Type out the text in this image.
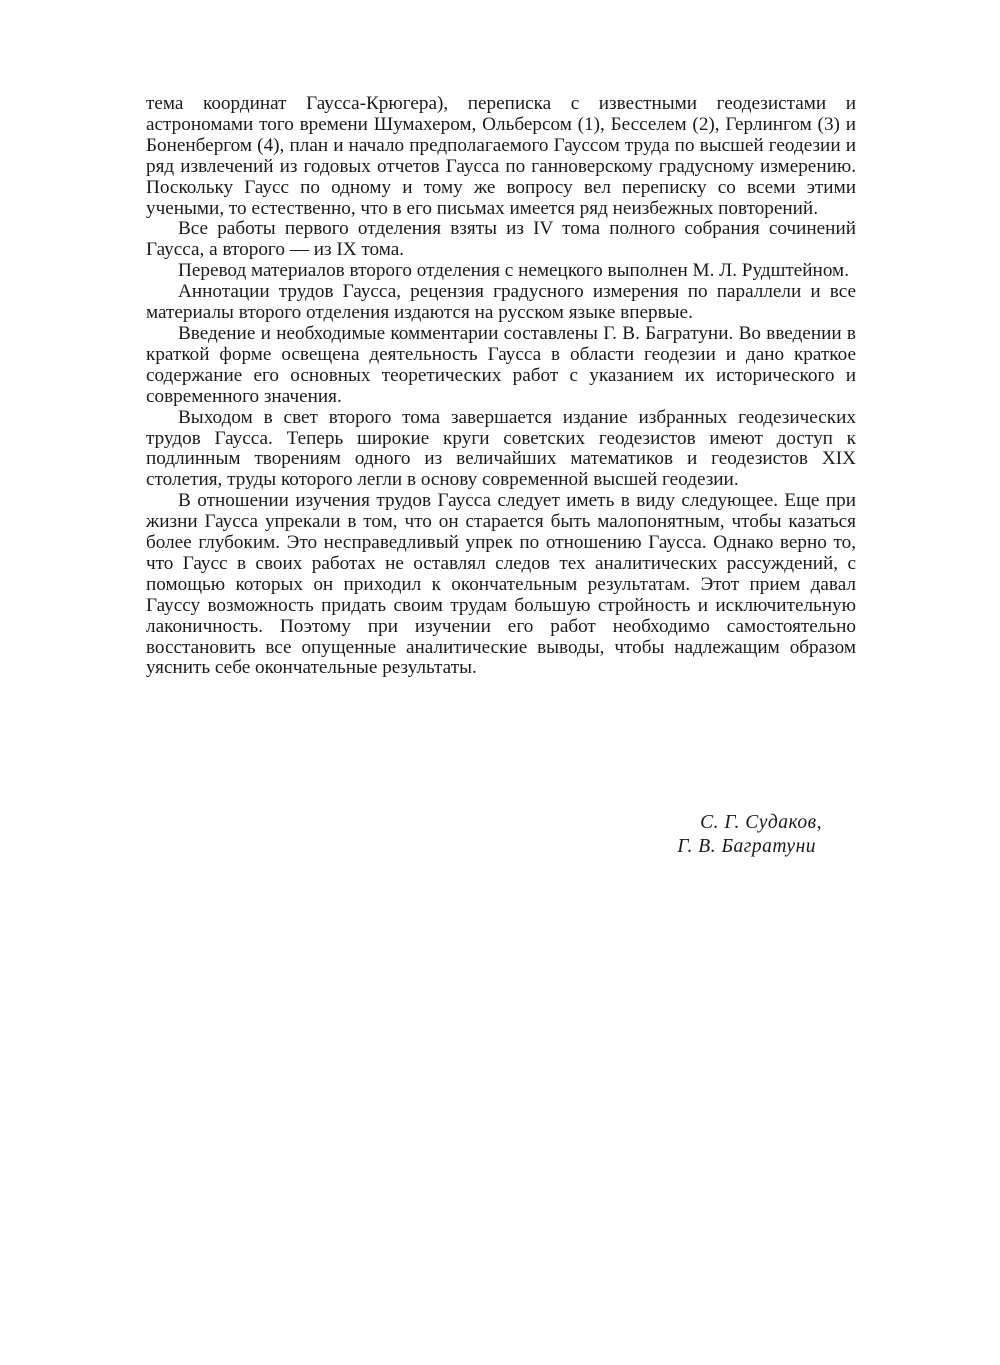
тема координат Гаусса-Крюгера), переписка с известными геодезистами и астрономами того времени Шумахером, Ольберсом (1), Бесселем (2), Герлингом (3) и Боненбергом (4), план и начало предполагаемого Гауссом труда по высшей геодезии и ряд извлечений из годовых отчетов Гаусса по ганноверскому градусному измерению. Поскольку Гаусс по одному и тому же вопросу вел переписку со всеми этими учеными, то естественно, что в его письмах имеется ряд неизбежных повторений.

Все работы первого отделения взяты из IV тома полного собрания сочинений Гаусса, а второго — из IX тома.

Перевод материалов второго отделения с немецкого выполнен М. Л. Рудштейном.

Аннотации трудов Гаусса, рецензия градусного измерения по параллели и все материалы второго отделения издаются на русском языке впервые.

Введение и необходимые комментарии составлены Г. В. Багратуни. Во введении в краткой форме освещена деятельность Гаусса в области геодезии и дано краткое содержание его основных теоретических работ с указанием их исторического и современного значения.

Выходом в свет второго тома завершается издание избранных геодезических трудов Гаусса. Теперь широкие круги советских геодезистов имеют доступ к подлинным творениям одного из величайших математиков и геодезистов XIX столетия, труды которого легли в основу современной высшей геодезии.

В отношении изучения трудов Гаусса следует иметь в виду следующее. Еще при жизни Гаусса упрекали в том, что он старается быть малопонятным, чтобы казаться более глубоким. Это несправедливый упрек по отношению Гаусса. Однако верно то, что Гаусс в своих работах не оставлял следов тех аналитических рассуждений, с помощью которых он приходил к окончательным результатам. Этот прием давал Гауссу возможность придать своим трудам большую стройность и исключительную лаконичность. Поэтому при изучении его работ необходимо самостоятельно восстановить все опущенные аналитические выводы, чтобы надлежащим образом уяснить себе окончательные результаты.

С. Г. Судаков,
Г. В. Багратуни
